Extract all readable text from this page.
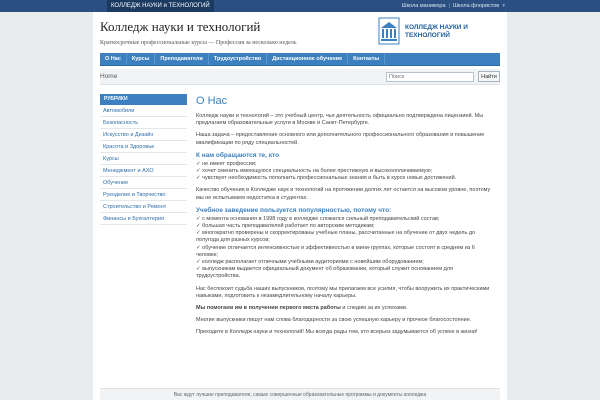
КОЛЛЕДЖ НАУКИ и ТЕХНОЛОГИЙ	Школа маникюра | Школа флористов ▾
Колледж науки и технологий
Краткосрочные профессиональные курсы — Профессия за несколько недель
КОЛЛЕДЖ НАУКИ И ТЕХНОЛОГИЙ
О Нас	Курсы	Преподаватели	Трудоустройство	Дистанционное обучение	Контакты
Home
Поиск	Найти
РУБРИКИ
Автомобили
Безопасность
Искусство и Дизайн
Красота и Здоровье
Курсы
Менеджмент и АХО
Обучение
Рукоделие и Творчество
Строительство и Ремонт
Финансы и Бухгалтерия
О Нас

Колледж науки и технологий – это учебный центр, чья деятельность официально подтверждена лицензией. Мы предлагаем образовательные услуги в Москве и Санкт-Петербурге.

Наша задача – предоставление основного или дополнительного профессионального образования и повышение квалификации по ряду специальностей.

К нам обращаются те, кто
✓ не имеет профессии;
✓ хочет сменить имеющуюся специальность на более престижную и высокооплачиваемую;
✓ чувствует необходимость пополнить профессиональные знания и быть в курсе новых достижений.

Качество обучения в Колледже наук и технологий на протяжении долгих лет остается на высоком уровне, поэтому мы не испытываем недостатка в студентах.

Учебное заведение пользуется популярностью, потому что:
✓ с момента основания в 1998 году в колледже сложился сильный преподавательский состав;
✓ большая часть преподавателей работает по авторским методикам;
✓ многократно проверены и скорректированы учебные планы, рассчитанные на обучение от двух недель до полугода для разных курсов;
✓ обучение отличается интенсивностью и эффективностью в мини-группах, которые состоят в среднем из 6 человек;
✓ колледж располагает отличными учебными аудиториями с новейшим оборудованием;
✓ выпускникам выдается официальный документ об образовании, который служит основанием для трудоустройства.

Нас беспокоит судьба наших выпускников, поэтому мы прилагаем все усилия, чтобы вооружить их практическими навыками, подготовить к незамедлительному началу карьеры.

Мы помогаем им в получении первого места работы и следим за их успехами.

Многие выпускники пишут нам слова благодарности за свою успешную карьеру и прочное благосостояние.

Приходите в Колледж науки и технологий! Мы всегда рады тем, кто всерьез задумывается об успехе в жизни!

Вас ждут лучшие преподаватели, самые совершенные образовательные программы и документы колледжа
